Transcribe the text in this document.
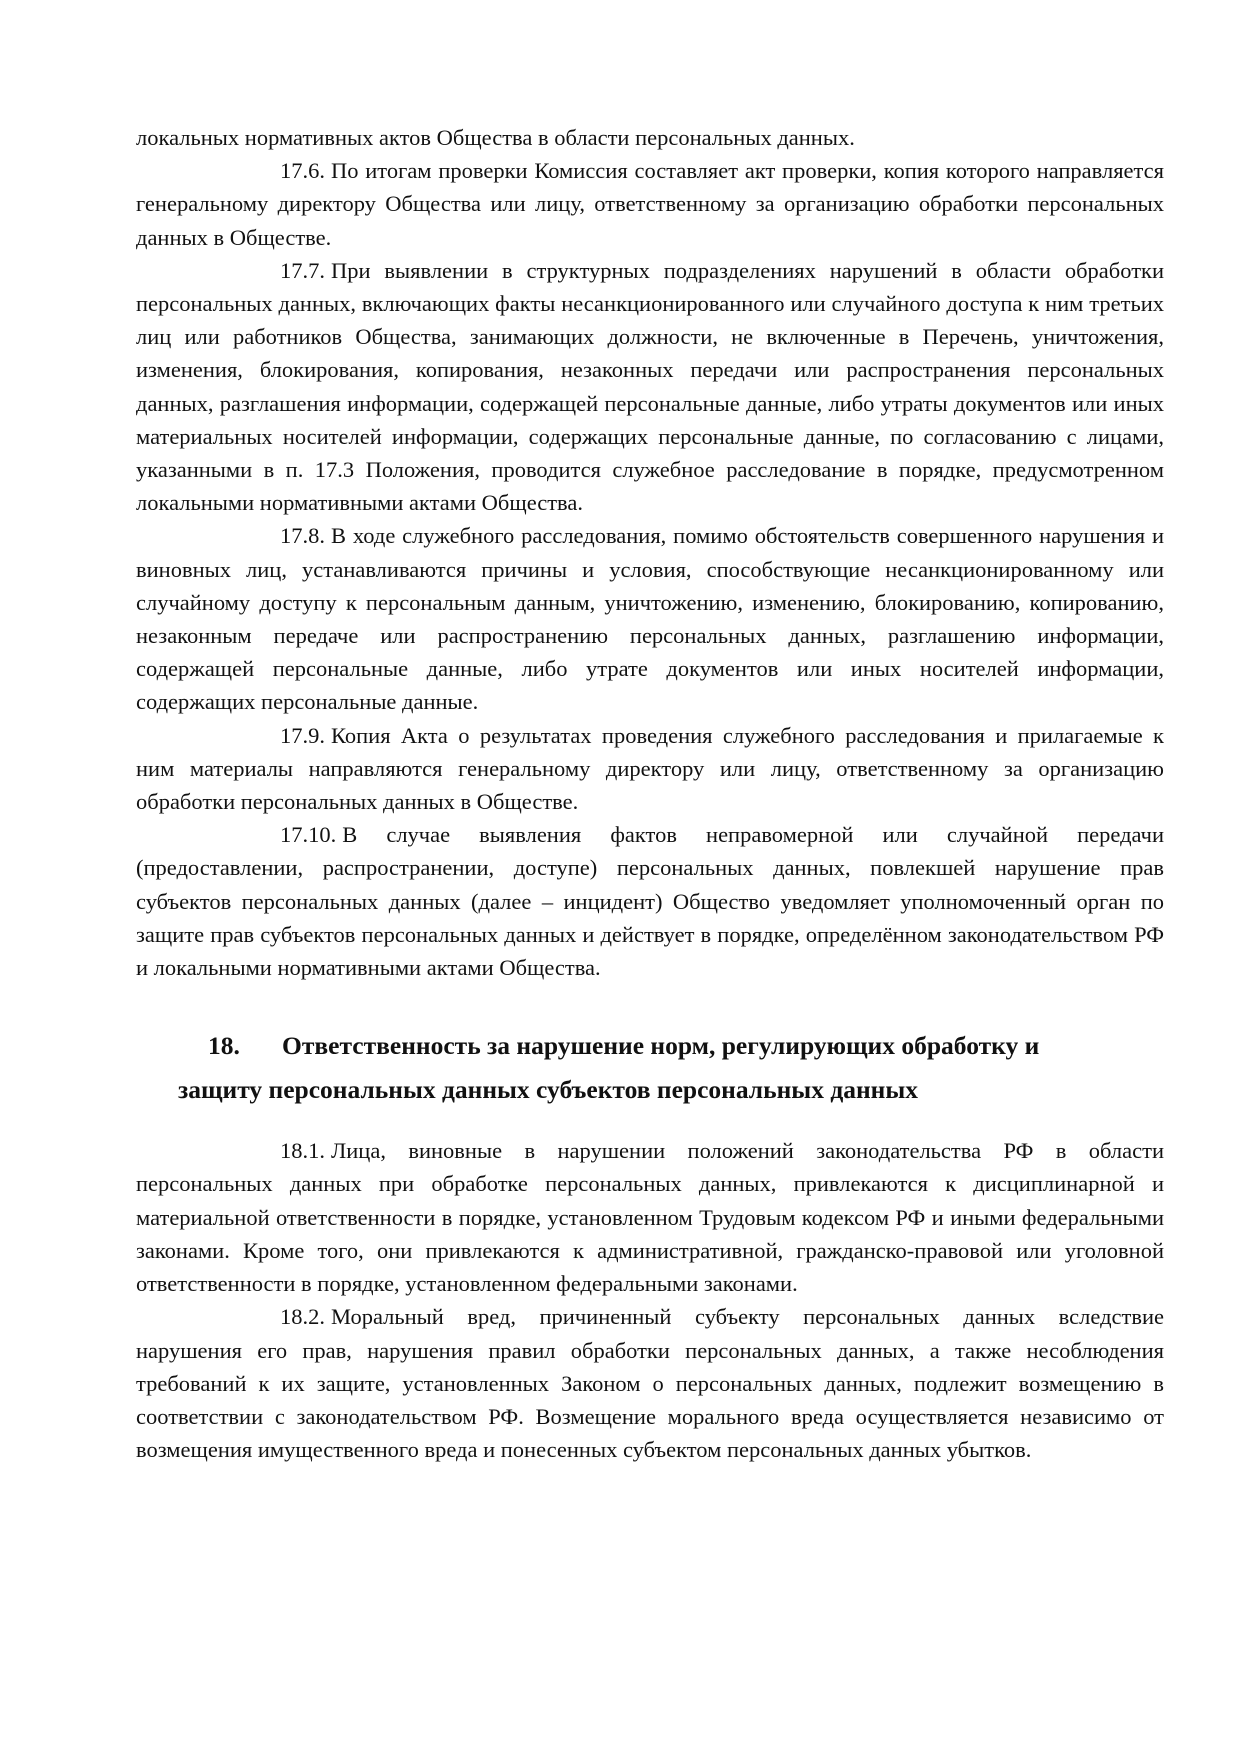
локальных нормативных актов Общества в области персональных данных.

17.6. По итогам проверки Комиссия составляет акт проверки, копия которого направляется генеральному директору Общества или лицу, ответственному за организацию обработки персональных данных в Обществе.

17.7. При выявлении в структурных подразделениях нарушений в области обработки персональных данных, включающих факты несанкционированного или случайного доступа к ним третьих лиц или работников Общества, занимающих должности, не включенные в Перечень, уничтожения, изменения, блокирования, копирования, незаконных передачи или распространения персональных данных, разглашения информации, содержащей персональные данные, либо утраты документов или иных материальных носителей информации, содержащих персональные данные, по согласованию с лицами, указанными в п. 17.3 Положения, проводится служебное расследование в порядке, предусмотренном локальными нормативными актами Общества.

17.8. В ходе служебного расследования, помимо обстоятельств совершенного нарушения и виновных лиц, устанавливаются причины и условия, способствующие несанкционированному или случайному доступу к персональным данным, уничтожению, изменению, блокированию, копированию, незаконным передаче или распространению персональных данных, разглашению информации, содержащей персональные данные, либо утрате документов или иных носителей информации, содержащих персональные данные.

17.9. Копия Акта о результатах проведения служебного расследования и прилагаемые к ним материалы направляются генеральному директору или лицу, ответственному за организацию обработки персональных данных в Обществе.

17.10. В случае выявления фактов неправомерной или случайной передачи (предоставлении, распространении, доступе) персональных данных, повлекшей нарушение прав субъектов персональных данных (далее – инцидент) Общество уведомляет уполномоченный орган по защите прав субъектов персональных данных и действует в порядке, определённом законодательством РФ и локальными нормативными актами Общества.

18. Ответственность за нарушение норм, регулирующих обработку и
защиту персональных данных субъектов персональных данных

18.1. Лица, виновные в нарушении положений законодательства РФ в области персональных данных при обработке персональных данных, привлекаются к дисциплинарной и материальной ответственности в порядке, установленном Трудовым кодексом РФ и иными федеральными законами. Кроме того, они привлекаются к административной, гражданско-правовой или уголовной ответственности в порядке, установленном федеральными законами.

18.2. Моральный вред, причиненный субъекту персональных данных вследствие нарушения его прав, нарушения правил обработки персональных данных, а также несоблюдения требований к их защите, установленных Законом о персональных данных, подлежит возмещению в соответствии с законодательством РФ. Возмещение морального вреда осуществляется независимо от возмещения имущественного вреда и понесенных субъектом персональных данных убытков.
